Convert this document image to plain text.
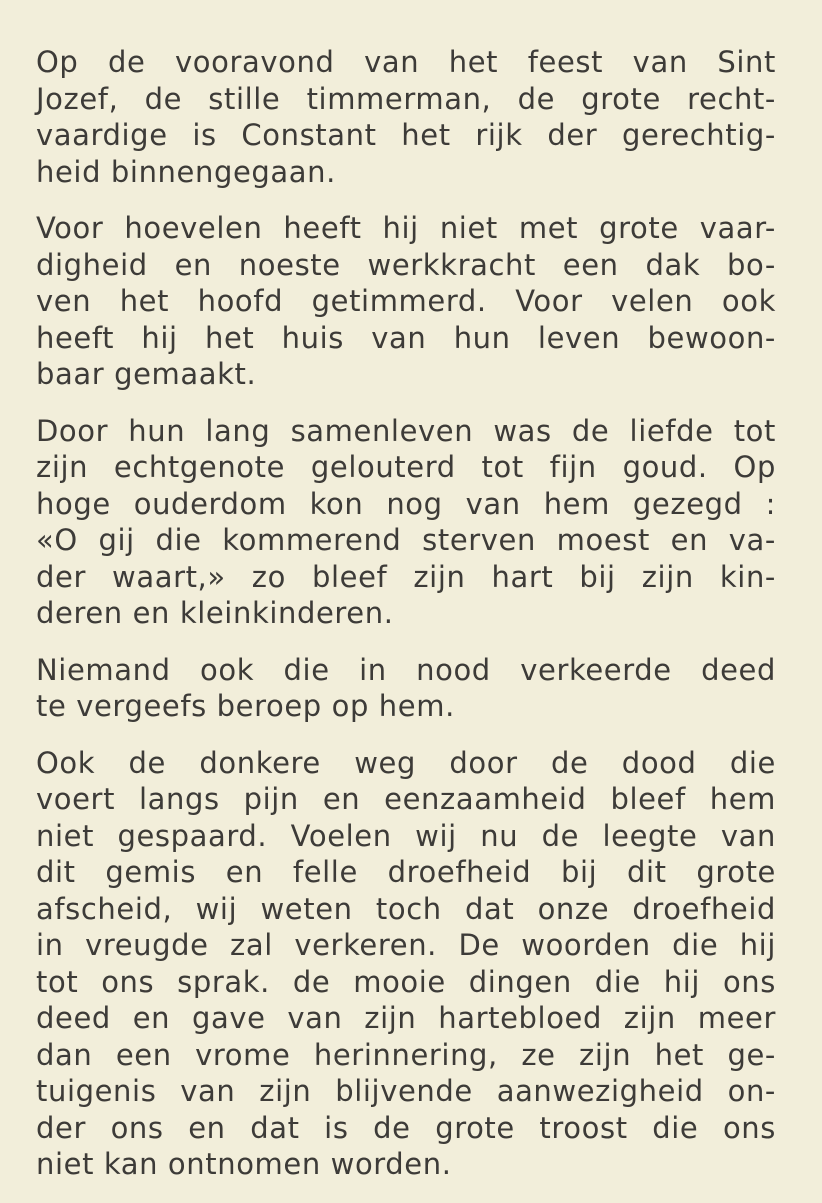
Op de vooravond van het feest van Sint
Jozef, de stille timmerman, de grote recht-
vaardige is Constant het rijk der gerechtig-
heid binnengegaan.

Voor hoevelen heeft hij niet met grote vaar-
digheid en noeste werkkracht een dak bo-
ven het hoofd getimmerd. Voor velen ook
heeft hij het huis van hun leven bewoon-
baar gemaakt.

Door hun lang samenleven was de liefde tot
zijn echtgenote gelouterd tot fijn goud. Op
hoge ouderdom kon nog van hem gezegd :
«O gij die kommerend sterven moest en va-
der waart,» zo bleef zijn hart bij zijn kin-
deren en kleinkinderen.

Niemand ook die in nood verkeerde deed
te vergeefs beroep op hem.

Ook de donkere weg door de dood die
voert langs pijn en eenzaamheid bleef hem
niet gespaard. Voelen wij nu de leegte van
dit gemis en felle droefheid bij dit grote
afscheid, wij weten toch dat onze droefheid
in vreugde zal verkeren. De woorden die hij
tot ons sprak. de mooie dingen die hij ons
deed en gave van zijn hartebloed zijn meer
dan een vrome herinnering, ze zijn het ge-
tuigenis van zijn blijvende aanwezigheid on-
der ons en dat is de grote troost die ons
niet kan ontnomen worden.
